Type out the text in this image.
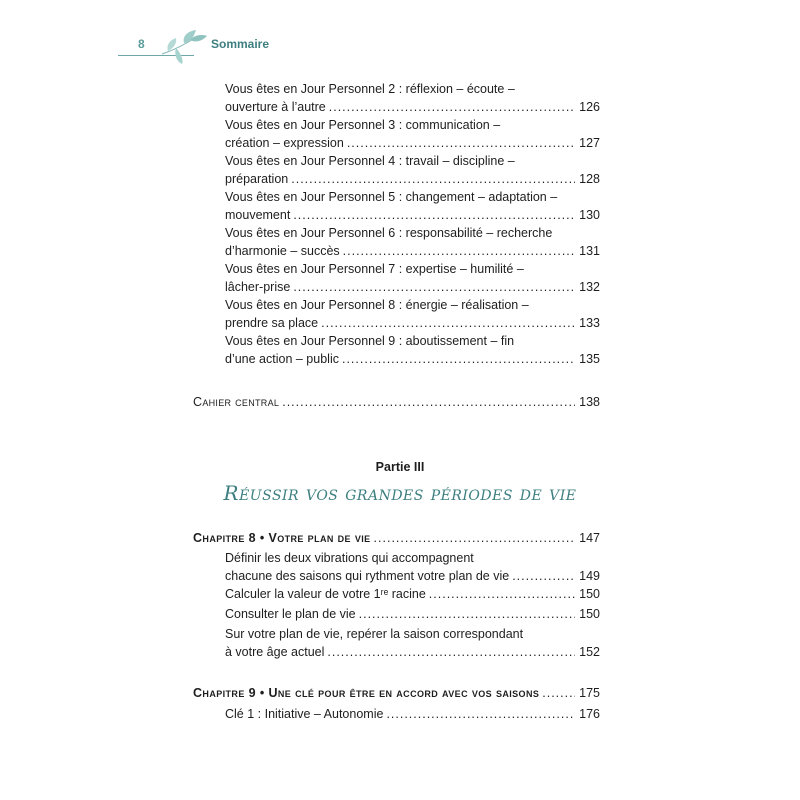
8	Sommaire
Vous êtes en Jour Personnel 2 : réflexion – écoute –
ouverture à l’autre .....	126
Vous êtes en Jour Personnel 3 : communication –
création – expression .....	127
Vous êtes en Jour Personnel 4 : travail – discipline –
préparation .....	128
Vous êtes en Jour Personnel 5 : changement – adaptation –
mouvement .....	130
Vous êtes en Jour Personnel 6 : responsabilité – recherche
d’harmonie – succès .....	131
Vous êtes en Jour Personnel 7 : expertise – humilité –
lâcher-prise .....	132
Vous êtes en Jour Personnel 8 : énergie – réalisation –
prendre sa place .....	133
Vous êtes en Jour Personnel 9 : aboutissement – fin
d’une action – public .....	135
Cahier central .....	138
Partie III
Réussir vos grandes périodes de vie
Chapitre 8 • Votre plan de vie .....	147
Définir les deux vibrations qui accompagnent
chacune des saisons qui rythment votre plan de vie .....	149
Calculer la valeur de votre 1ʳᵉ racine .....	150
Consulter le plan de vie .....	150
Sur votre plan de vie, repérer la saison correspondant
à votre âge actuel .....	152
Chapitre 9 • Une clé pour être en accord avec vos saisons .....	175
Clé 1 : Initiative – Autonomie .....	176
